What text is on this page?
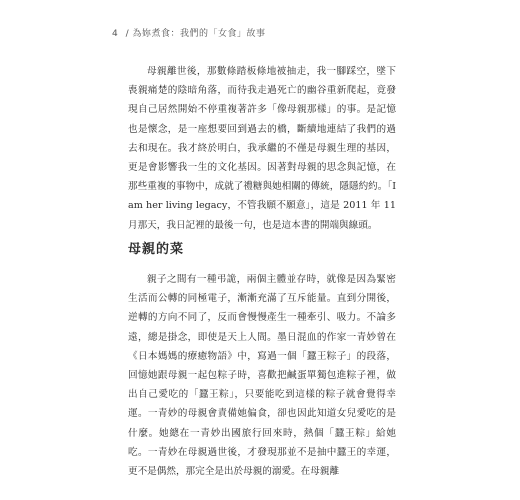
4 / 為妳煮食：我們的「女食」故事

母親離世後，那數條踏板條地被抽走，我一腳踩空，墜下喪親痛楚的陰暗角落，而待我走過死亡的幽谷重新爬起，竟發現自己居然開始不停重複著許多「像母親那樣」的事。是記憶也是懷念，是一座想要回到過去的橋，斷續地連結了我們的過去和現在。我才終於明白，我承繼的不僅是母親生理的基因，更是會影響我一生的文化基因。因著對母親的思念與記憶，在那些重複的事物中，成就了禮糖與她相關的傳統，隱隱約約。「I am her living legacy，不管我願不願意」，這是 2011 年 11 月那天，我日記裡的最後一句，也是這本書的開端與線頭。

母親的菜

親子之間有一種弔詭，兩個主體並存時，就像是因為緊密生活而公轉的同極電子，漸漸充滿了互斥能量。直到分開後，逆轉的方向不同了，反而會慢慢產生一種牽引、吸力。不論多遠，總是掛念，即使是天上人間。墨日混血的作家一青妙曾在《日本媽媽的療癒物語》中，寫過一個「蠶王粽子」的段落，回憶她跟母親一起包粽子時，喜歡把鹹蛋單獨包進粽子裡，做出自己愛吃的「蠶王粽」，只要能吃到這樣的粽子就會覺得幸運。一青妙的母親會責備她偏食，卻也因此知道女兒愛吃的是什麼。她總在一青妙出國旅行回來時，熱個「蠶王粽」給她吃。一青妙在母親過世後，才發現那並不是抽中蠶王的幸運，更不是偶然，那完全是出於母親的溺愛。在母親離
